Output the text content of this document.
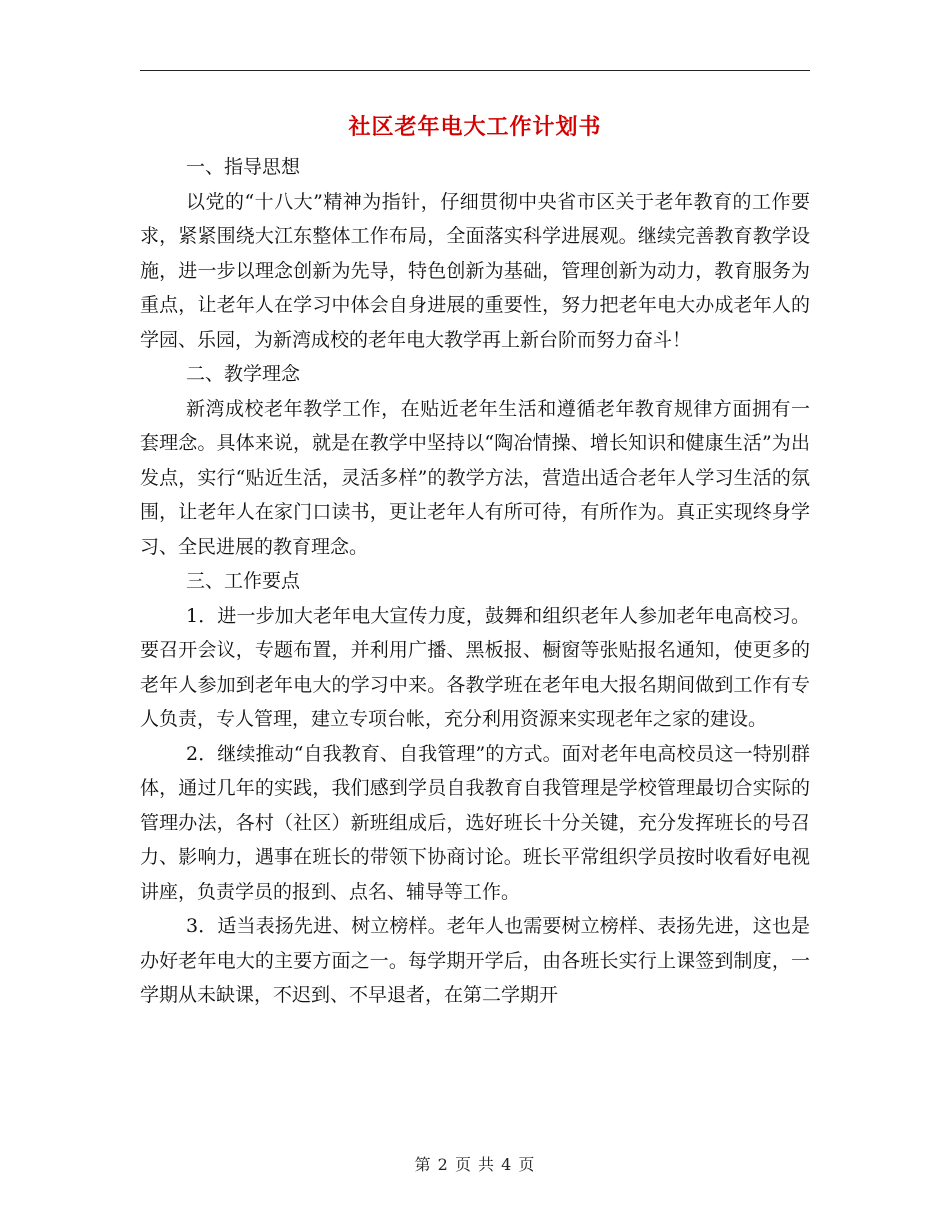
社区老年电大工作计划书

一、指导思想

以党的“十八大”精神为指针，仔细贯彻中央省市区关于老年教育的工作要求，紧紧围绕大江东整体工作布局，全面落实科学进展观。继续完善教育教学设施，进一步以理念创新为先导，特色创新为基础，管理创新为动力，教育服务为重点，让老年人在学习中体会自身进展的重要性，努力把老年电大办成老年人的学园、乐园，为新湾成校的老年电大教学再上新台阶而努力奋斗！

二、教学理念

新湾成校老年教学工作，在贴近老年生活和遵循老年教育规律方面拥有一套理念。具体来说，就是在教学中坚持以“陶冶情操、增长知识和健康生活”为出发点，实行“贴近生活，灵活多样”的教学方法，营造出适合老年人学习生活的氛围，让老年人在家门口读书，更让老年人有所可待，有所作为。真正实现终身学习、全民进展的教育理念。

三、工作要点

1．进一步加大老年电大宣传力度，鼓舞和组织老年人参加老年电高校习。要召开会议，专题布置，并利用广播、黑板报、橱窗等张贴报名通知，使更多的老年人参加到老年电大的学习中来。各教学班在老年电大报名期间做到工作有专人负责，专人管理，建立专项台帐，充分利用资源来实现老年之家的建设。

2．继续推动“自我教育、自我管理”的方式。面对老年电高校员这一特别群体，通过几年的实践，我们感到学员自我教育自我管理是学校管理最切合实际的管理办法，各村（社区）新班组成后，选好班长十分关键，充分发挥班长的号召力、影响力，遇事在班长的带领下协商讨论。班长平常组织学员按时收看好电视讲座，负责学员的报到、点名、辅导等工作。

3．适当表扬先进、树立榜样。老年人也需要树立榜样、表扬先进，这也是办好老年电大的主要方面之一。每学期开学后，由各班长实行上课签到制度，一学期从未缺课，不迟到、不早退者，在第二学期开

第 2 页 共 4 页
